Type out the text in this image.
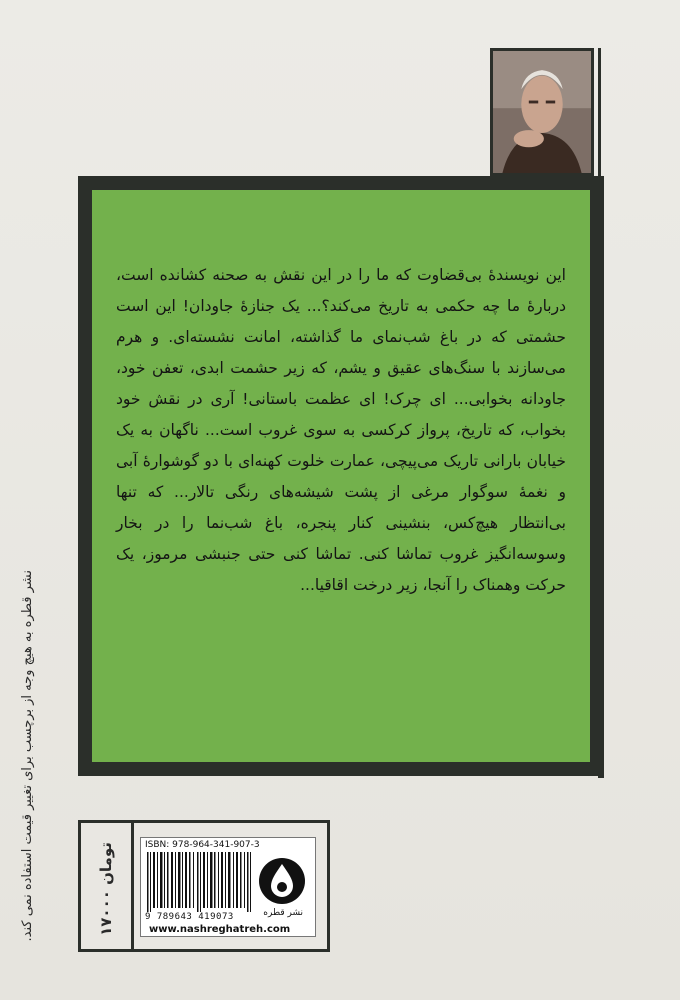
این نویسندهٔ بی‌قضاوت که ما را در این نقش به صحنه کشانده است، دربارهٔ ما چه حکمی به تاریخ می‌کند؟... یک جنازهٔ جاودان! این است حشمتی که در باغ شب‌نمای ما گذاشته، امانت نشسته‌ای. و هرم می‌سازند با سنگ‌های عقیق و یشم، که زیر حشمت ابدی، تعفن خود، جاودانه بخوابی... ای چرک! ای عظمت باستانی! آری در نقش خود بخواب، که تاریخ، پرواز کرکسی به سوی غروب است... ناگهان به یک خیابان بارانی تاریک می‌پیچی، عمارت خلوت کهنه‌ای با دو گوشوارهٔ آبی و نغمهٔ سوگوار مرغی از پشت شیشه‌های رنگی تالار... که تنها بی‌انتظار هیچ‌کس، بنشینی کنار پنجره، باغ شب‌نما را در بخار وسوسه‌انگیز غروب تماشا کنی. تماشا کنی حتی جنبشی مرموز، یک حرکت وهمناک را آنجا، زیر درخت اقاقیا...
نشر قطره به هیچ وجه از برچسب برای تغییر قیمت استفاده نمی کند.	۱۷۰۰۰ تومان	ISBN: 978-964-341-907-3
9 789643 419073
www.nashreghatreh.com
نشر قطره
